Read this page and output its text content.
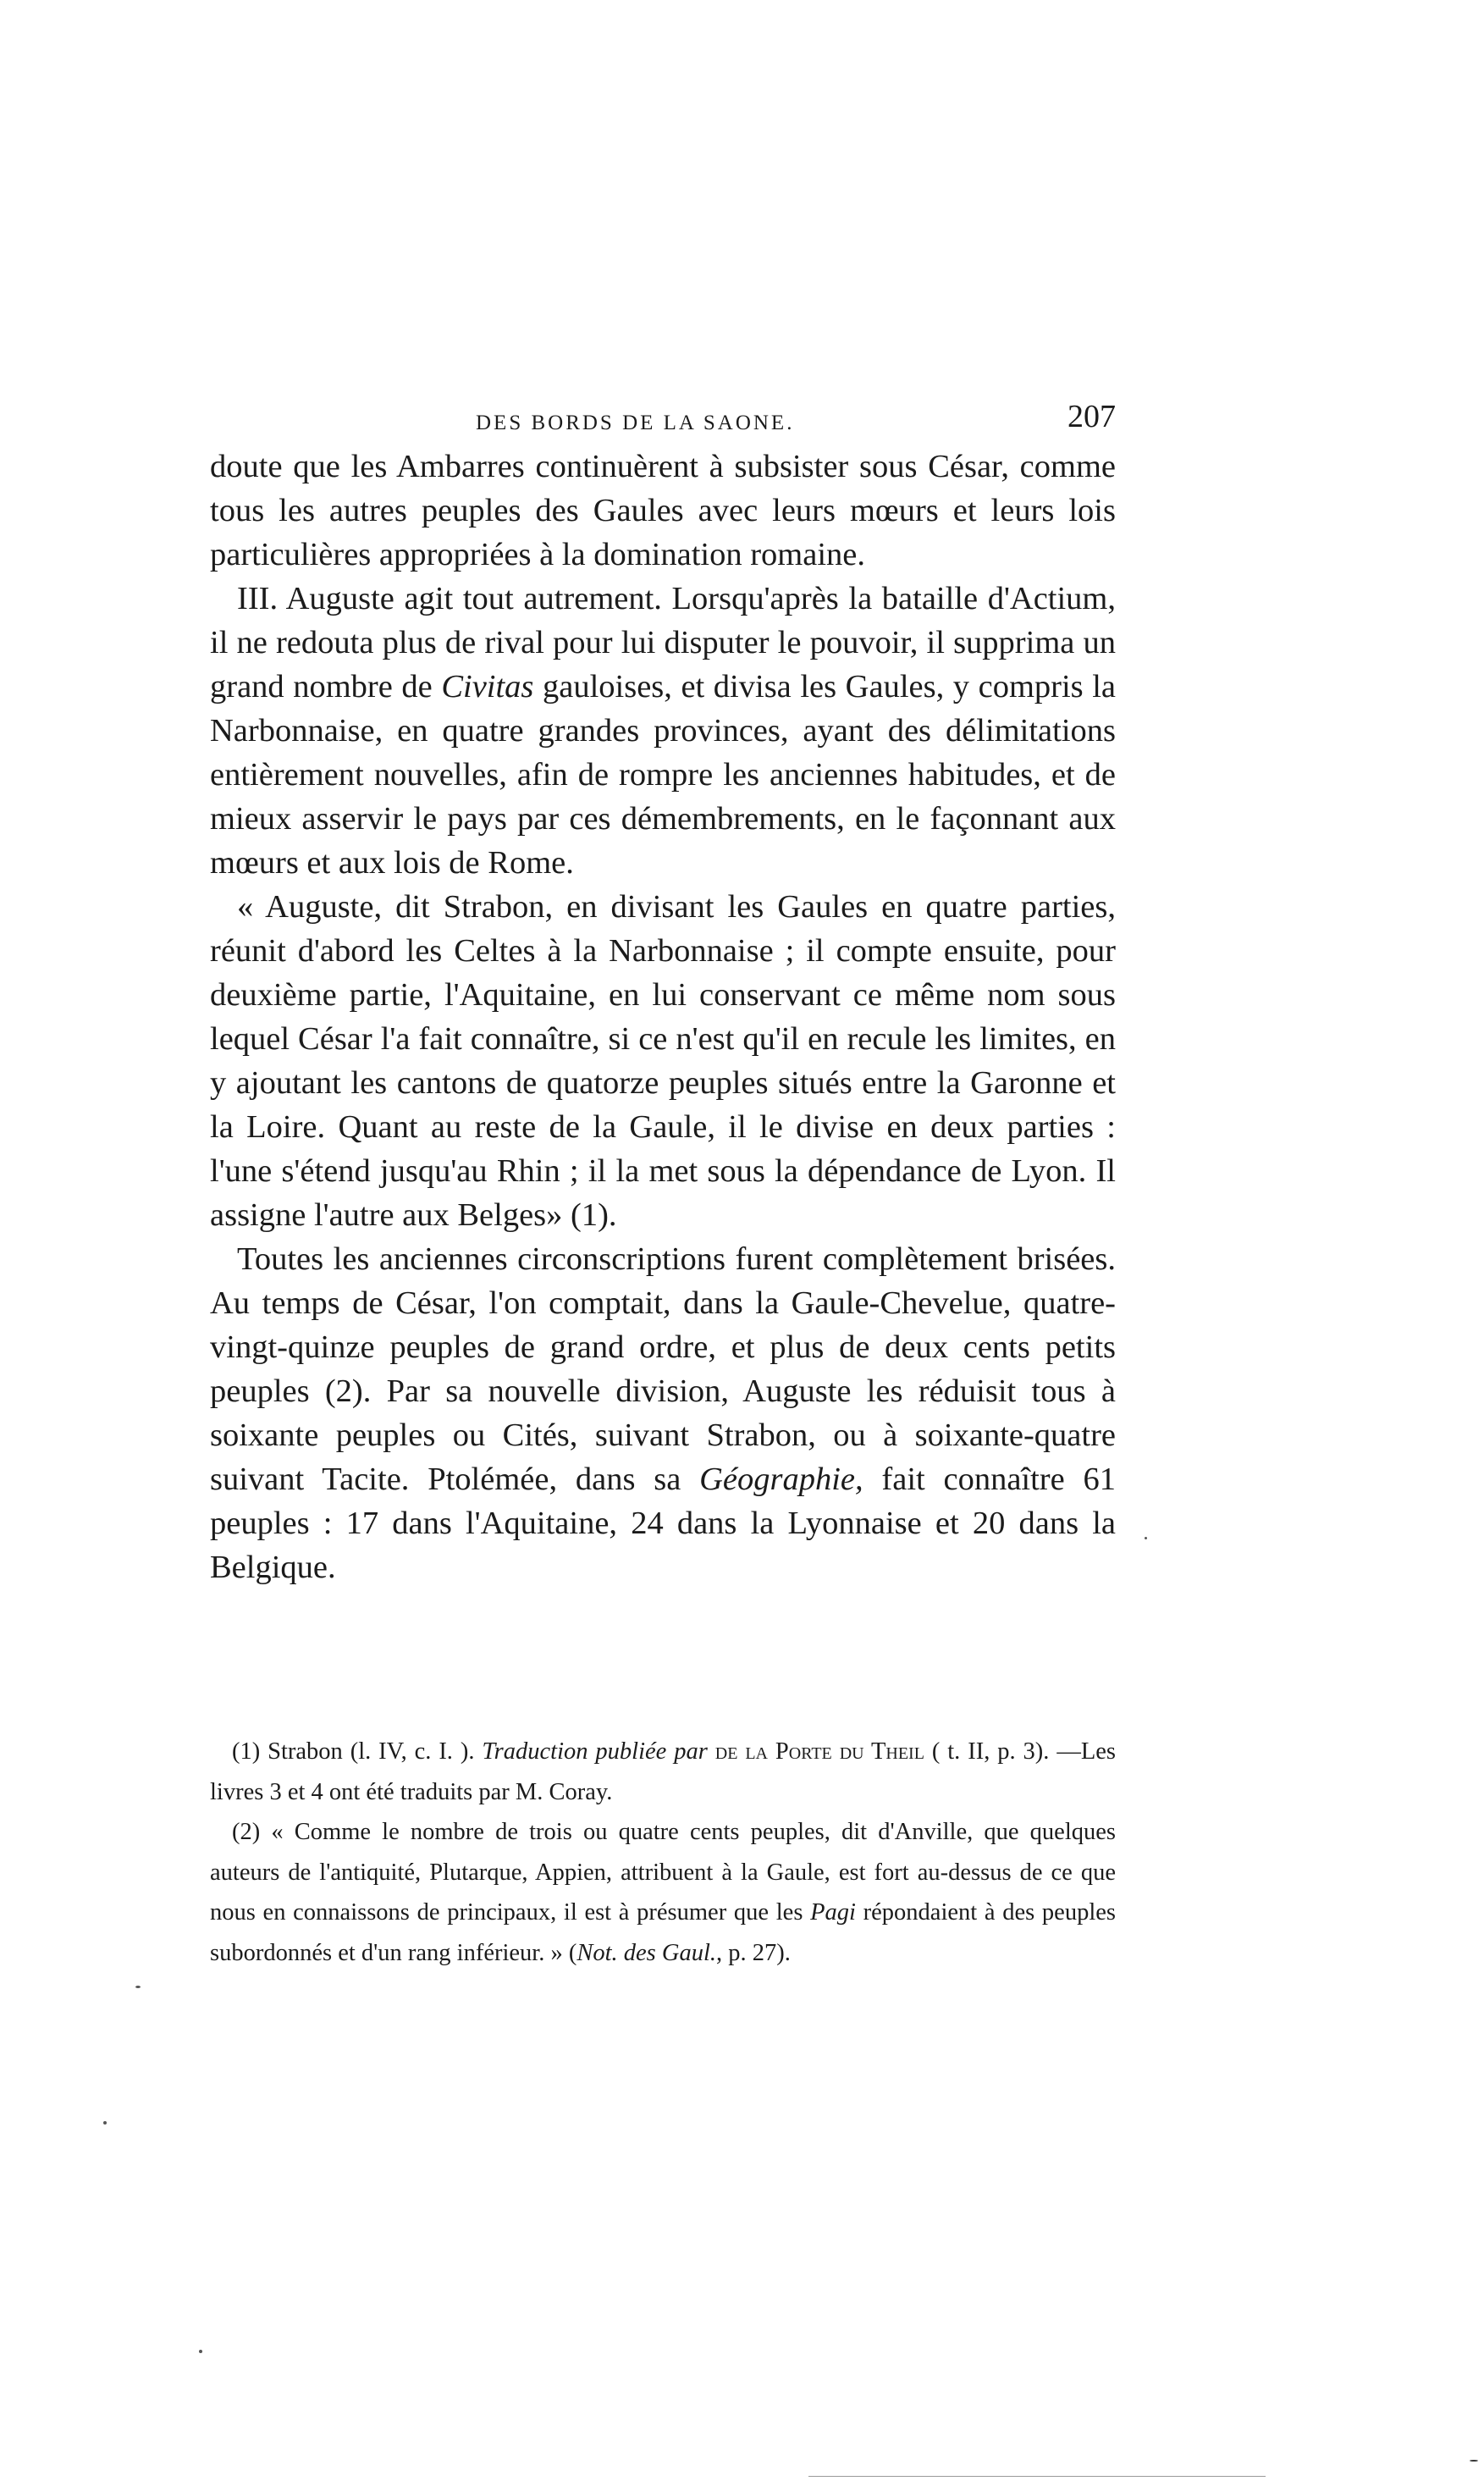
DES BORDS DE LA SAONE.	207

doute que les Ambarres continuèrent à subsister sous César, comme tous les autres peuples des Gaules avec leurs mœurs et leurs lois particulières appropriées à la domination romaine.

III. Auguste agit tout autrement. Lorsqu'après la bataille d'Actium, il ne redouta plus de rival pour lui disputer le pouvoir, il supprima un grand nombre de Civitas gauloises, et divisa les Gaules, y compris la Narbonnaise, en quatre grandes provinces, ayant des délimitations entièrement nouvelles, afin de rompre les anciennes habitudes, et de mieux asservir le pays par ces démembrements, en le façonnant aux mœurs et aux lois de Rome.

« Auguste, dit Strabon, en divisant les Gaules en quatre parties, réunit d'abord les Celtes à la Narbonnaise ; il compte ensuite, pour deuxième partie, l'Aquitaine, en lui conservant ce même nom sous lequel César l'a fait connaître, si ce n'est qu'il en recule les limites, en y ajoutant les cantons de quatorze peuples situés entre la Garonne et la Loire. Quant au reste de la Gaule, il le divise en deux parties : l'une s'étend jusqu'au Rhin ; il la met sous la dépendance de Lyon. Il assigne l'autre aux Belges» (1).

Toutes les anciennes circonscriptions furent complètement brisées. Au temps de César, l'on comptait, dans la Gaule-Chevelue, quatre-vingt-quinze peuples de grand ordre, et plus de deux cents petits peuples (2). Par sa nouvelle division, Auguste les réduisit tous à soixante peuples ou Cités, suivant Strabon, ou à soixante-quatre suivant Tacite. Ptolémée, dans sa Géographie, fait connaître 61 peuples : 17 dans l'Aquitaine, 24 dans la Lyonnaise et 20 dans la Belgique.

(1) Strabon (l. IV, c. I. ). Traduction publiée par de la Porte du Theil ( t. II, p. 3). —Les livres 3 et 4 ont été traduits par M. Coray.

(2) « Comme le nombre de trois ou quatre cents peuples, dit d'Anville, que quelques auteurs de l'antiquité, Plutarque, Appien, attribuent à la Gaule, est fort au-dessus de ce que nous en connaissons de principaux, il est à présumer que les Pagi répondaient à des peuples subordonnés et d'un rang inférieur. » (Not. des Gaul., p. 27).
